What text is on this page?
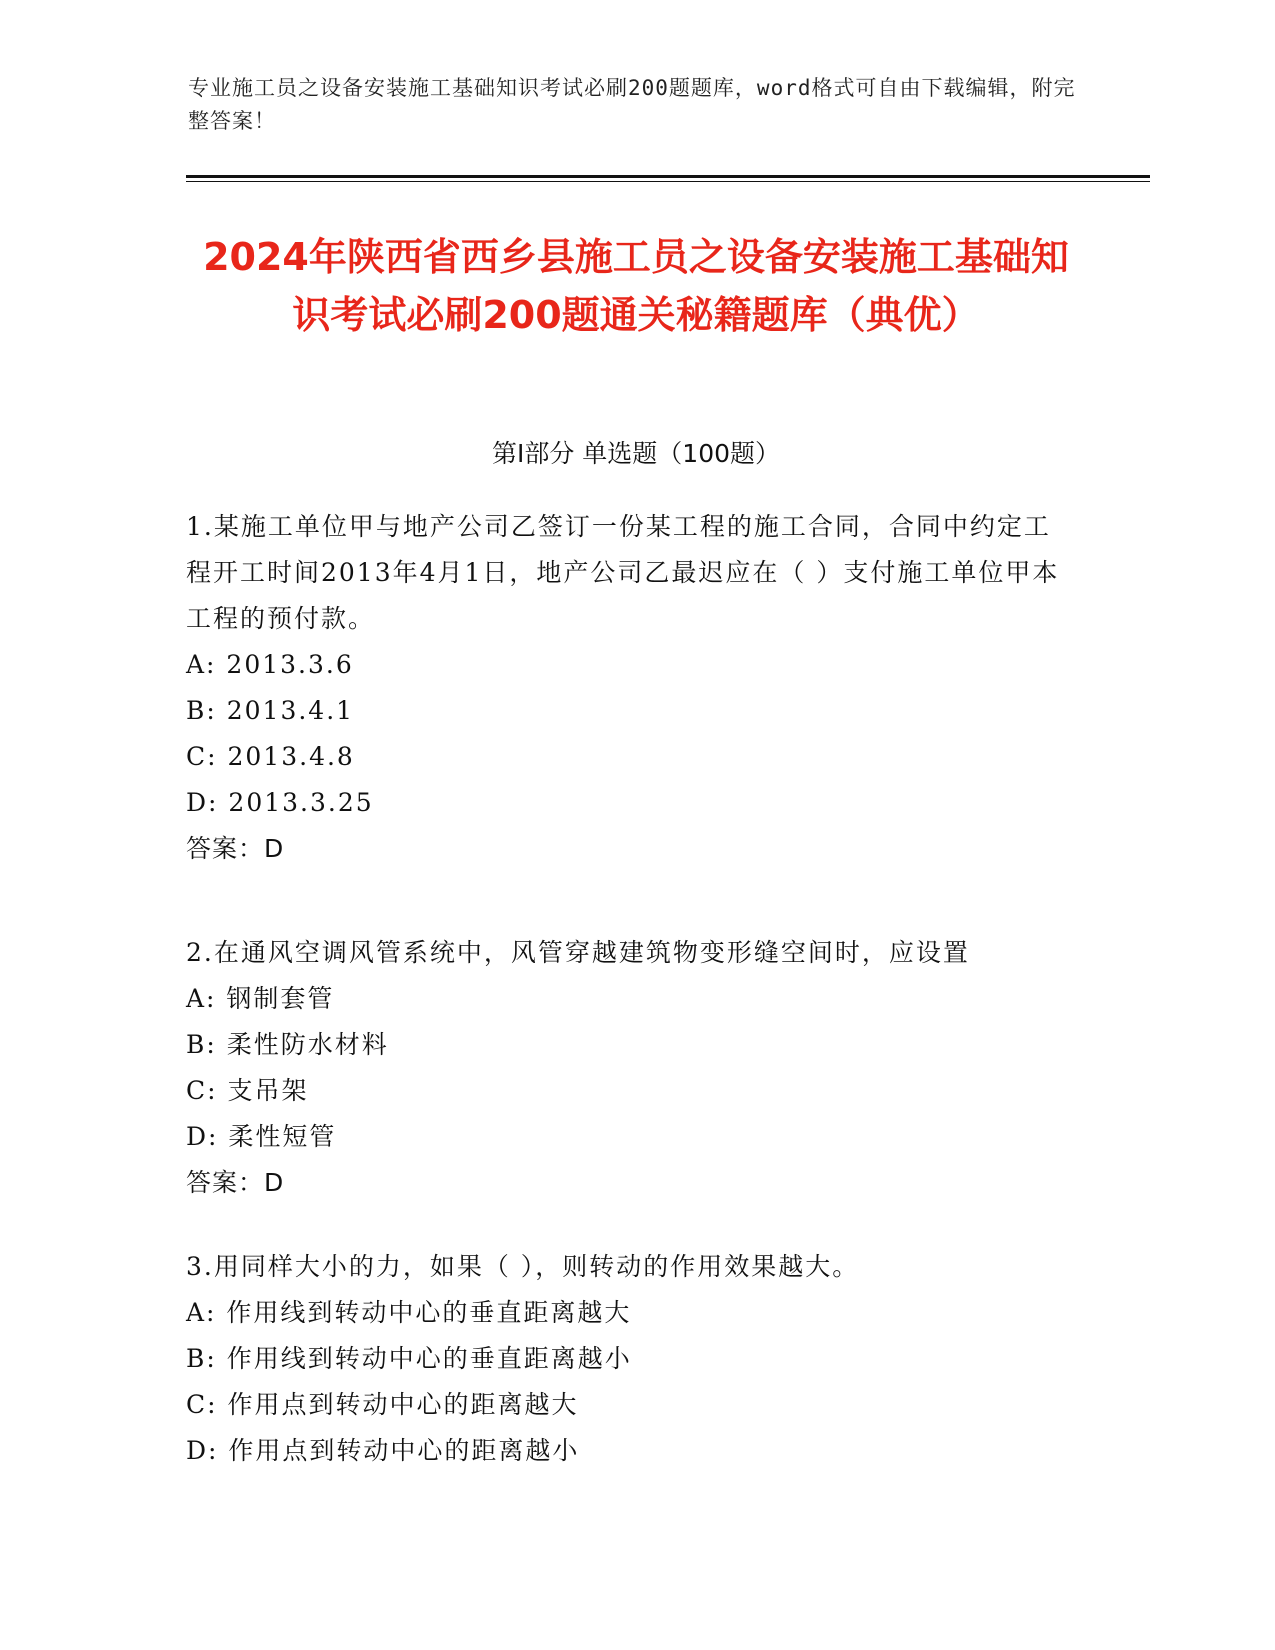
专业施工员之设备安装施工基础知识考试必刷200题题库，word格式可自由下载编辑，附完整答案！
2024年陕西省西乡县施工员之设备安装施工基础知识考试必刷200题通关秘籍题库（典优）
第I部分 单选题（100题）

1.某施工单位甲与地产公司乙签订一份某工程的施工合同，合同中约定工程开工时间2013年4月1日，地产公司乙最迟应在（ ）支付施工单位甲本工程的预付款。

A: 2013.3.6

B: 2013.4.1

C: 2013.4.8

D: 2013.3.25

答案：D

2.在通风空调风管系统中，风管穿越建筑物变形缝空间时，应设置

A: 钢制套管

B: 柔性防水材料

C: 支吊架

D: 柔性短管

答案：D

3.用同样大小的力，如果（ ），则转动的作用效果越大。

A: 作用线到转动中心的垂直距离越大

B: 作用线到转动中心的垂直距离越小

C: 作用点到转动中心的距离越大

D: 作用点到转动中心的距离越小
